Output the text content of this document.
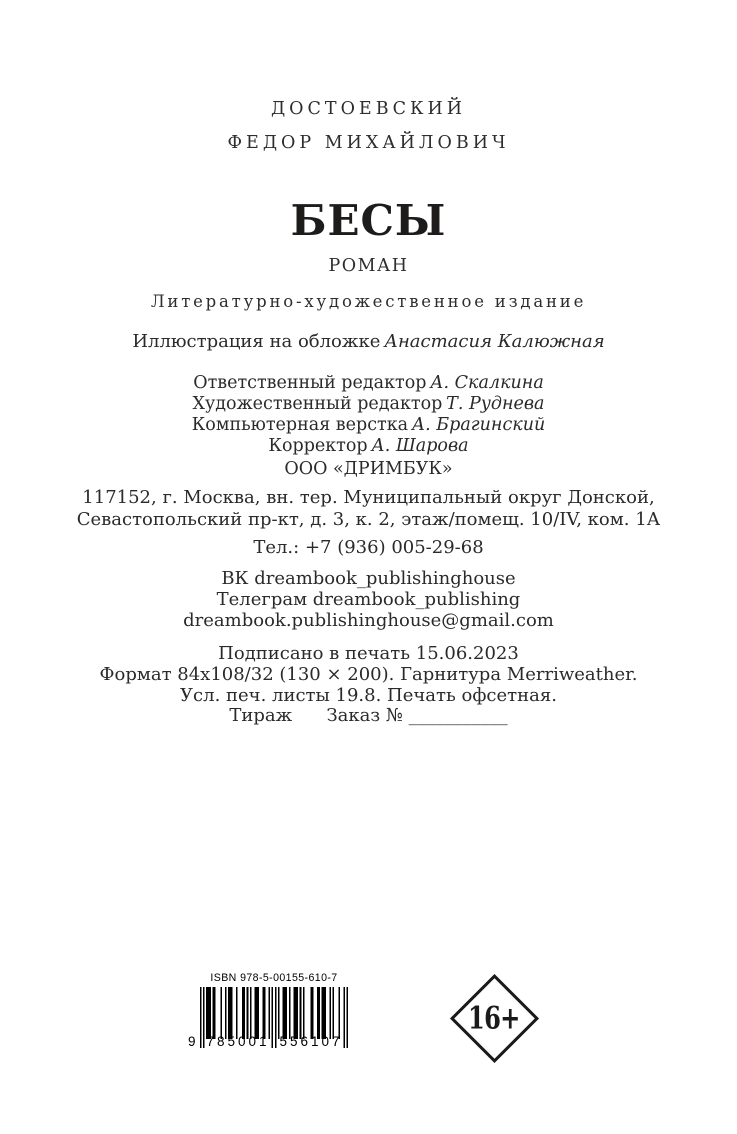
ДОСТОЕВСКИЙ
ФЕДОР МИХАЙЛОВИЧ
БЕСЫ
РОМАН
Литературно-художественное издание
Иллюстрация на обложке Анастасия Калюжная
Ответственный редактор А. Скалкина
Художественный редактор Т. Руднева
Компьютерная верстка А. Брагинский
Корректор А. Шарова
ООО «ДРИМБУК»
117152, г. Москва, вн. тер. Муниципальный округ Донской,
Севастопольский пр-кт, д. 3, к. 2, этаж/помещ. 10/IV, ком. 1А
Тел.: +7 (936) 005-29-68
ВК dreambook_publishinghouse
Телеграм dreambook_publishing
dreambook.publishinghouse@gmail.com
Подписано в печать 15.06.2023
Формат 84x108/32 (130 × 200). Гарнитура Merriweather.
Усл. печ. листы 19.8. Печать офсетная.
Тираж      Заказ № ___________
ISBN 978-5-00155-610-7
9 785001 556107
16+
